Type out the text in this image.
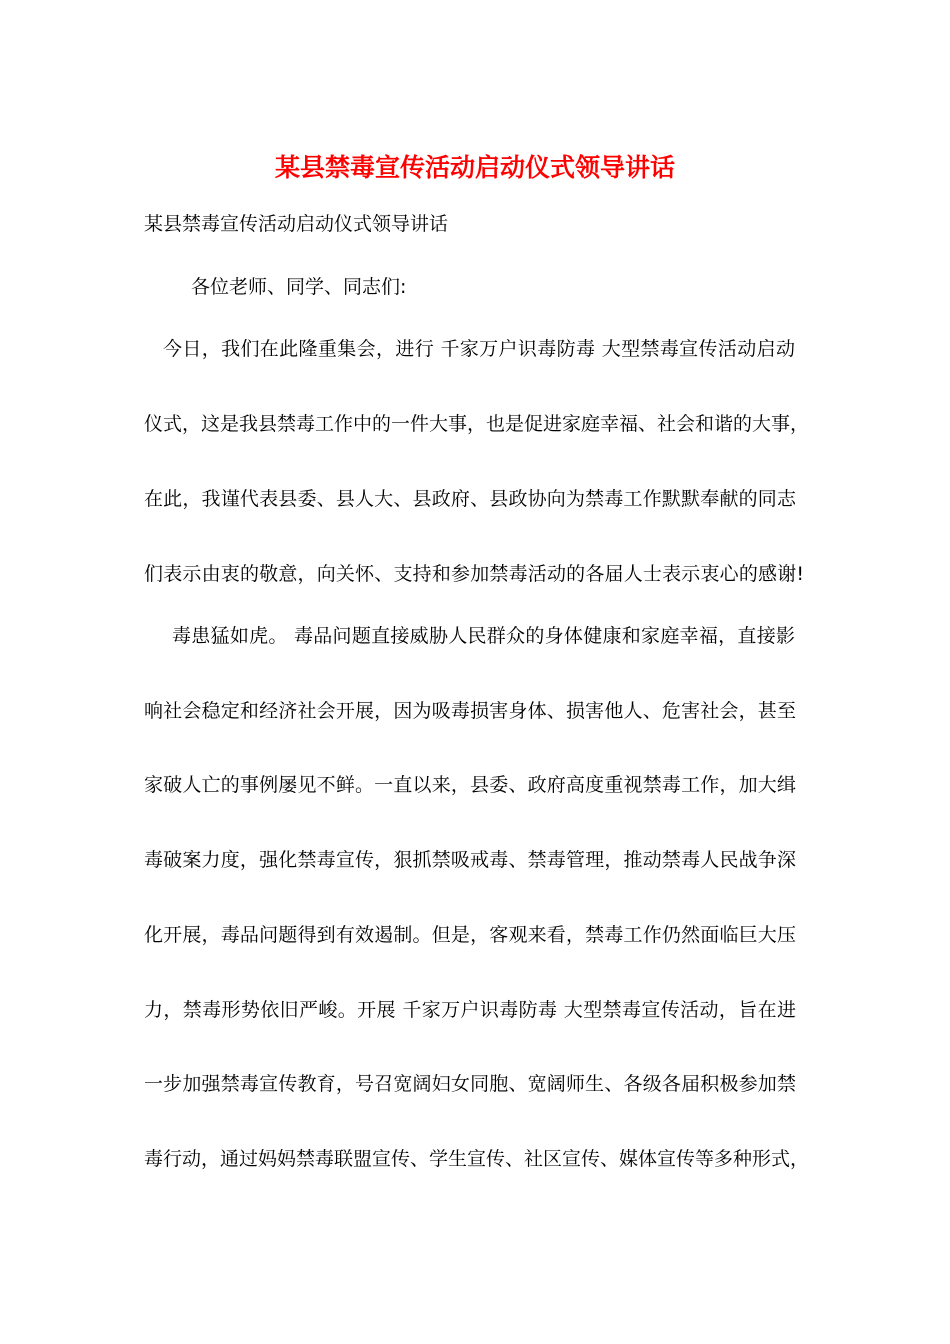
某县禁毒宣传活动启动仪式领导讲话
某县禁毒宣传活动启动仪式领导讲话
各位老师、同学、同志们:
今日，我们在此隆重集会，进行 千家万户识毒防毒 大型禁毒宣传活动启动
仪式，这是我县禁毒工作中的一件大事，也是促进家庭幸福、社会和谐的大事，
在此，我谨代表县委、县人大、县政府、县政协向为禁毒工作默默奉献的同志
们表示由衷的敬意，向关怀、支持和参加禁毒活动的各届人士表示衷心的感谢!
毒患猛如虎。 毒品问题直接威胁人民群众的身体健康和家庭幸福，直接影
响社会稳定和经济社会开展，因为吸毒损害身体、损害他人、危害社会，甚至
家破人亡的事例屡见不鲜。一直以来，县委、政府高度重视禁毒工作，加大缉
毒破案力度，强化禁毒宣传，狠抓禁吸戒毒、禁毒管理，推动禁毒人民战争深
化开展，毒品问题得到有效遏制。但是，客观来看，禁毒工作仍然面临巨大压
力，禁毒形势依旧严峻。开展 千家万户识毒防毒 大型禁毒宣传活动，旨在进
一步加强禁毒宣传教育，号召宽阔妇女同胞、宽阔师生、各级各届积极参加禁
毒行动，通过妈妈禁毒联盟宣传、学生宣传、社区宣传、媒体宣传等多种形式，
